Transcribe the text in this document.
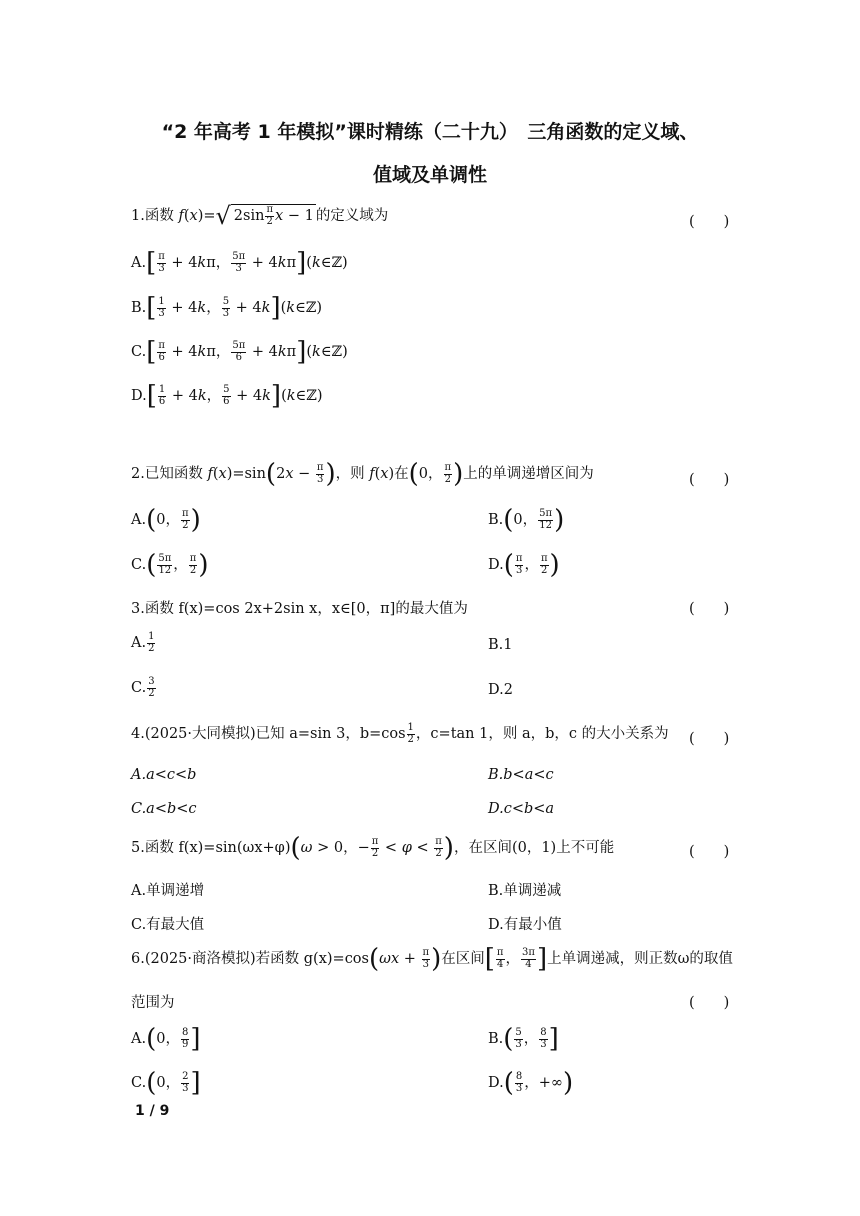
“2 年高考 1 年模拟”课时精练（二十九）　三角函数的定义域、
值域及单调性
1.函数 f(x)=√ $2\sin \frac{\pi}{2}$ x − 1 的定义域为	(　　)
$A.[ \frac{\pi}{3} + 4k\pi$， $\frac{5\pi}{3}$ + 4kπ](k∈ℤ)
$B.[ \frac{1}{3} + 4k$， $\frac{5}{3}$ + 4k](k∈ℤ)
$C.[ \frac{\pi}{6} + 4k\pi$， $\frac{5\pi}{6}$ + 4kπ](k∈ℤ)
$D.[ \frac{1}{6} + 4k$， $\frac{5}{6}$ + 4k](k∈ℤ)
2.已知函数 $f(x)=\sin(2x - \frac{\pi}{3}$ )，则 f(x)在(0， $\frac{\pi}{2}$ )上的单调递增区间为	(　　)
A.(0， $\frac{\pi}{2}$ )	B.(0， $\frac{5\pi}{12}$ )
$C.( \frac{5\pi}{12}$ ， $\frac{\pi}{2}$ )	$D.( \frac{\pi}{3}$ ， $\frac{\pi}{2}$ )
3.函数 f(x)=cos 2x+2sin x，x∈[0，π]的最大值为	(　　)
A. $\frac{1}{2}$	B.1
C. $\frac{3}{2}$	D.2
4.(2025·大同模拟)已知 a=sin 3，$b=\cos \frac{1}{2}$ ，c=tan 1，则 a，b，c 的大小关系为 (　　)
A.a<c<b	B.b<a<c
C.a<b<c	D.c<b<a
5.函数 f(x)=sin(ωx+φ)(ω > 0，− $\frac{\pi}{2} < \varphi < \frac{\pi}{2}$ )，在区间(0，1)上不可能	(　　)
A.单调递增	B.单调递减
C.有最大值	D.有最小值
6.(2025·商洛模拟)若函数 $g(x)=\cos(\omega x + \frac{\pi}{3}$ )在区间[ $\frac{\pi}{4}$ ， $\frac{3\pi}{4}$ ]上单调递减，则正数ω的取值
范围为	(　　)
A.(0， $\frac{8}{9}$ ]	$B.( \frac{5}{3}$ ， $\frac{8}{3}$ ]
C.(0， $\frac{2}{3}$ ]	$D.( \frac{8}{3}$ ，+∞)
1 / 9
